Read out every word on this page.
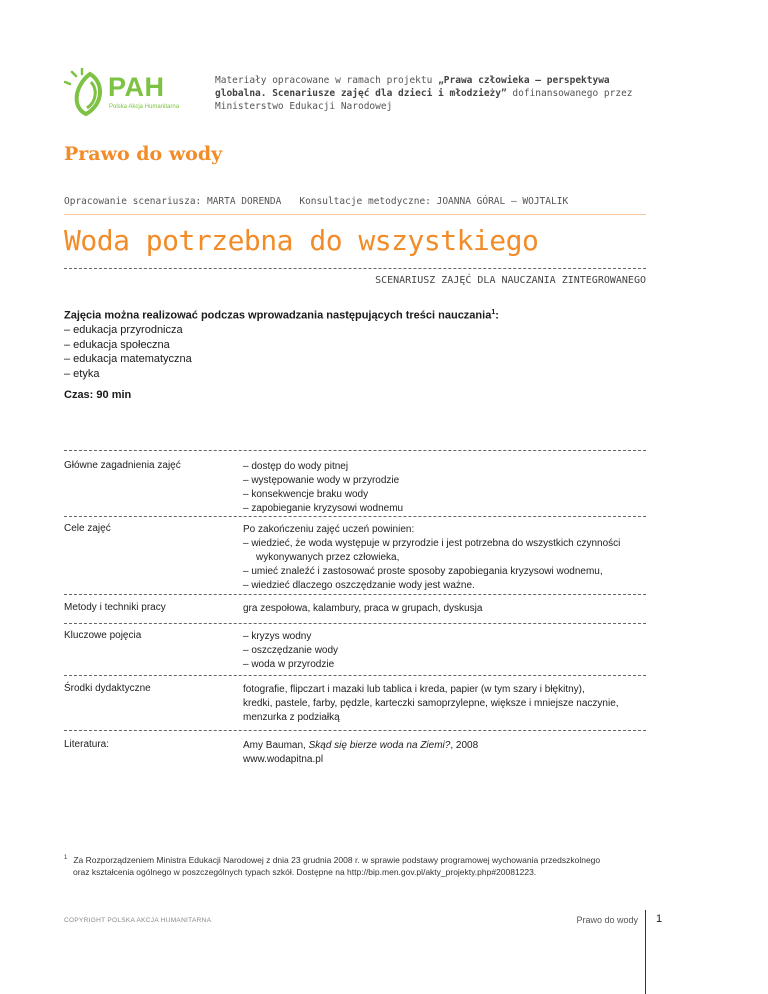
PAH
Polska Akcja Humanitarna
Materiały opracowane w ramach projektu „Prawa człowieka – perspektywa globalna. Scenariusze zajęć dla dzieci i młodzieży” dofinansowanego przez Ministerstwo Edukacji Narodowej
Prawo do wody
Opracowanie scenariusza: MARTA DORENDA Konsultacje metodyczne: JOANNA GÓRAL – WOJTALIK
Woda potrzebna do wszystkiego
SCENARIUSZ ZAJĘĆ DLA NAUCZANIA ZINTEGROWANEGO
Zajęcia można realizować podczas wprowadzania następujących treści nauczania$^1$:
– edukacja przyrodnicza
– edukacja społeczna
– edukacja matematyczna
– etyka
Czas: 90 min
Główne zagadnienia zajęć	– dostęp do wody pitnej
– występowanie wody w przyrodzie
– konsekwencje braku wody
– zapobieganie kryzysowi wodnemu
Cele zajęć	Po zakończeniu zajęć uczeń powinien:
– wiedzieć, że woda występuje w przyrodzie i jest potrzebna do wszystkich czynności
wykonywanych przez człowieka,
– umieć znaleźć i zastosować proste sposoby zapobiegania kryzysowi wodnemu,
– wiedzieć dlaczego oszczędzanie wody jest ważne.
Metody i techniki pracy	gra zespołowa, kalambury, praca w grupach, dyskusja
Kluczowe pojęcia	– kryzys wodny
– oszczędzanie wody
– woda w przyrodzie
Środki dydaktyczne	fotografie, flipczart i mazaki lub tablica i kreda, papier (w tym szary i błękitny),
kredki, pastele, farby, pędzle, karteczki samoprzylepne, większe i mniejsze naczynie,
menzurka z podziałką
Literatura:	Amy Bauman, Skąd się bierze woda na Ziemi?, 2008
www.wodapitna.pl
$^1$ Za Rozporządzeniem Ministra Edukacji Narodowej z dnia 23 grudnia 2008 r. w sprawie podstawy programowej wychowania przedszkolnego
oraz kształcenia ogólnego w poszczególnych typach szkół. Dostępne na http://bip.men.gov.pl/akty_projekty.php#20081223.
COPYRIGHT POLSKA AKCJA HUMANITARNA	Prawo do wody 1
